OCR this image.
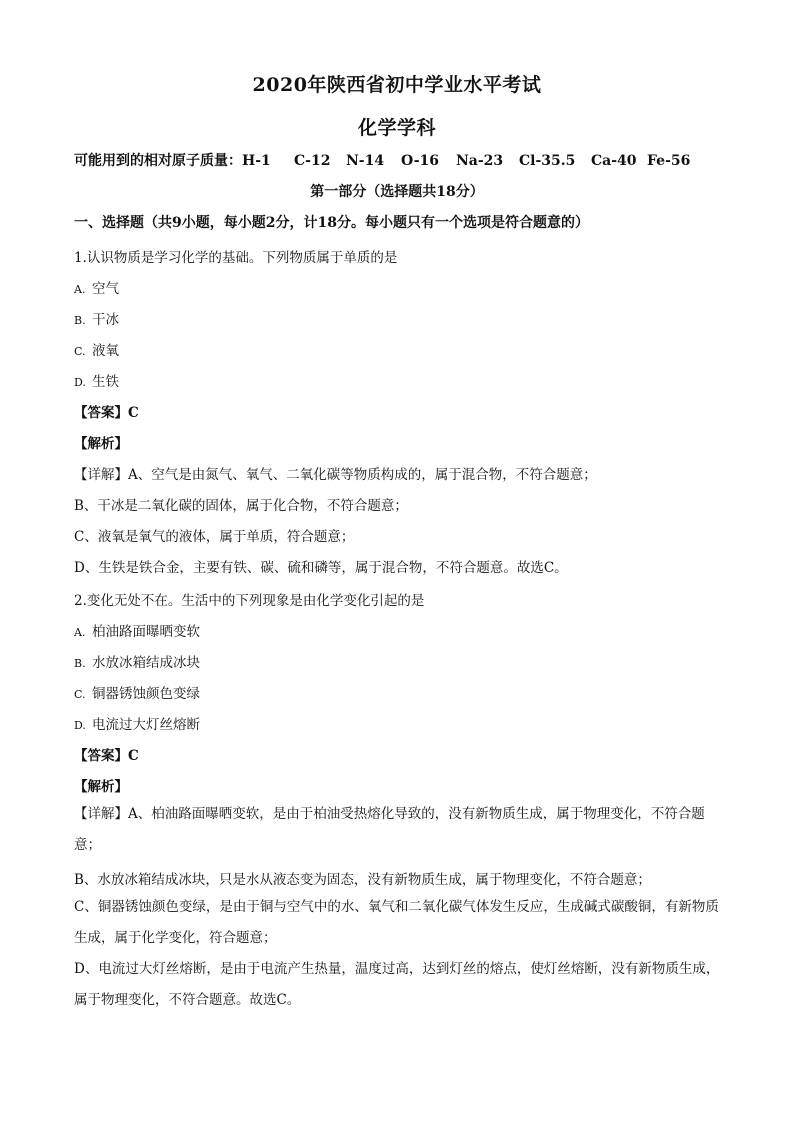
2020年陕西省初中学业水平考试
化学学科
可能用到的相对原子质量：H-1 C-12 N-14 O-16 Na-23 Cl-35.5 Ca-40 Fe-56
第一部分（选择题共18分）
一、选择题（共9小题，每小题2分，计18分。每小题只有一个选项是符合题意的）
1.认识物质是学习化学的基础。下列物质属于单质的是
A. 空气
B. 干冰
C. 液氧
D. 生铁
【答案】C
【解析】
【详解】A、空气是由氮气、氧气、二氧化碳等物质构成的，属于混合物，不符合题意；
B、干冰是二氧化碳的固体，属于化合物，不符合题意；
C、液氧是氧气的液体，属于单质，符合题意；
D、生铁是铁合金，主要有铁、碳、硫和磷等，属于混合物，不符合题意。故选C。
2.变化无处不在。生活中的下列现象是由化学变化引起的是
A. 柏油路面曝晒变软
B. 水放冰箱结成冰块
C. 铜器锈蚀颜色变绿
D. 电流过大灯丝熔断
【答案】C
【解析】
【详解】A、柏油路面曝晒变软，是由于柏油受热熔化导致的，没有新物质生成，属于物理变化，不符合题意；
B、水放冰箱结成冰块，只是水从液态变为固态，没有新物质生成，属于物理变化，不符合题意；
C、铜器锈蚀颜色变绿，是由于铜与空气中的水、氧气和二氧化碳气体发生反应，生成碱式碳酸铜，有新物质生成，属于化学变化，符合题意；
D、电流过大灯丝熔断，是由于电流产生热量，温度过高，达到灯丝的熔点，使灯丝熔断，没有新物质生成，属于物理变化，不符合题意。故选C。
